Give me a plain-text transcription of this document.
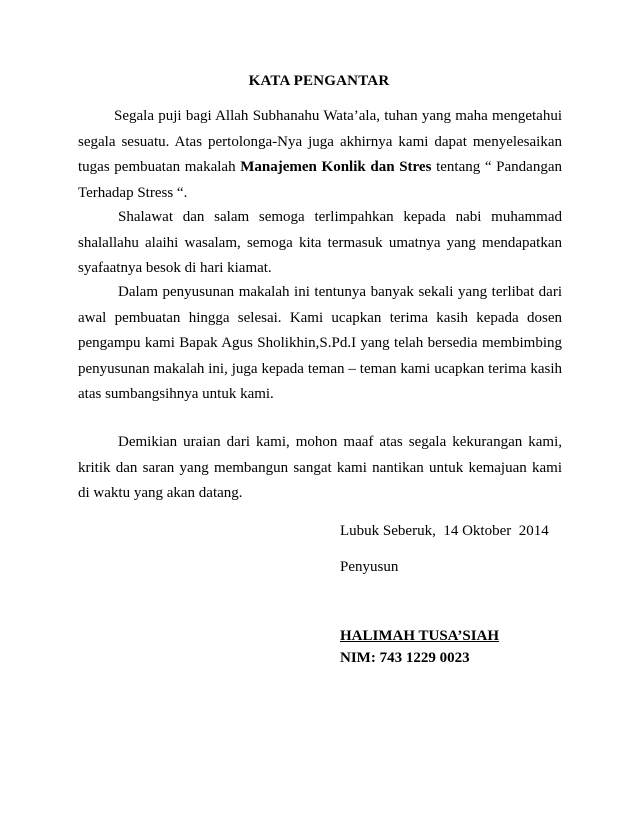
KATA PENGANTAR
Segala puji bagi Allah Subhanahu Wata’ala, tuhan yang maha mengetahui segala sesuatu. Atas pertolonga-Nya juga akhirnya kami dapat menyelesaikan tugas pembuatan makalah Manajemen Konlik dan Stres tentang “ Pandangan Terhadap Stress “.
Shalawat dan salam semoga terlimpahkan kepada nabi muhammad shalallahu alaihi wasalam, semoga kita termasuk umatnya yang mendapatkan syafaatnya besok di hari kiamat.
Dalam penyusunan makalah ini tentunya banyak sekali yang terlibat dari awal pembuatan hingga selesai. Kami ucapkan terima kasih kepada dosen pengampu kami Bapak Agus Sholikhin,S.Pd.I yang telah bersedia membimbing penyusunan makalah ini, juga kepada teman – teman kami ucapkan terima kasih atas sumbangsihnya untuk kami.
Demikian uraian dari kami, mohon maaf atas segala kekurangan kami, kritik dan saran yang membangun sangat kami nantikan untuk kemajuan kami di waktu yang akan datang.
Lubuk Seberuk,  14 Oktober  2014
Penyusun
HALIMAH TUSA’SIAH
NIM: 743 1229 0023
